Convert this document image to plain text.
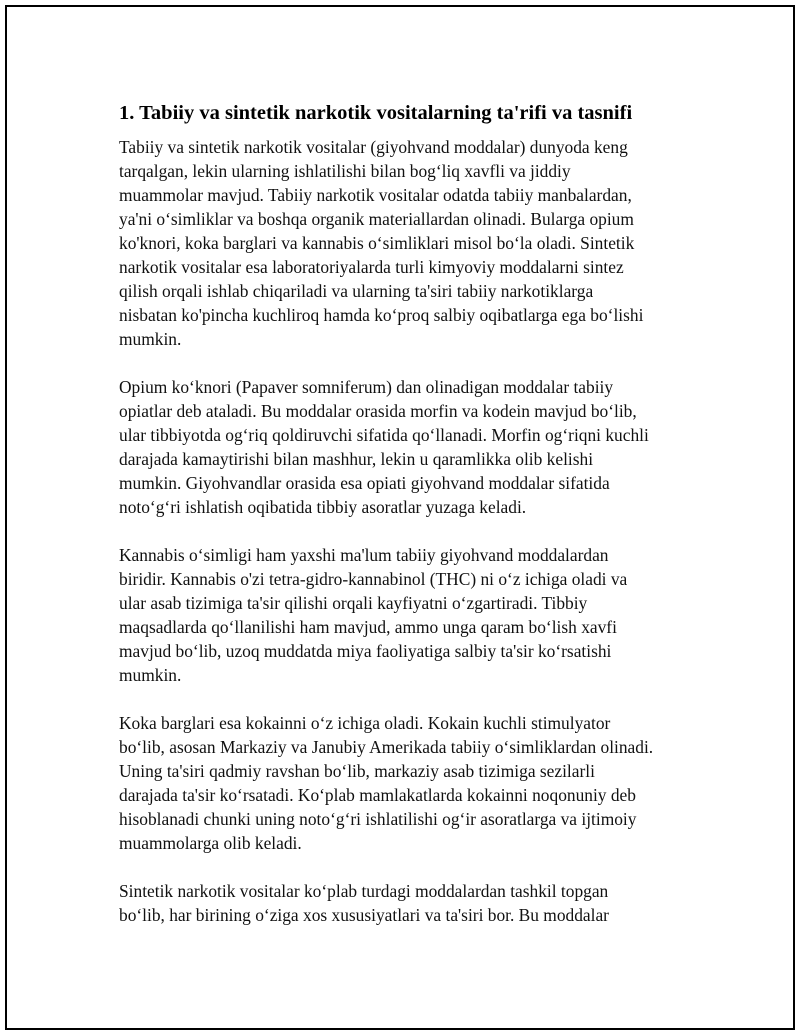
1. Tabiiy va sintetik narkotik vositalarning ta'rifi va tasnifi
Tabiiy va sintetik narkotik vositalar (giyohvand moddalar) dunyoda keng
tarqalgan, lekin ularning ishlatilishi bilan bog‘liq xavfli va jiddiy
muammolar mavjud. Tabiiy narkotik vositalar odatda tabiiy manbalardan,
ya'ni o‘simliklar va boshqa organik materiallardan olinadi. Bularga opium
ko'knori, koka barglari va kannabis o‘simliklari misol bo‘la oladi. Sintetik
narkotik vositalar esa laboratoriyalarda turli kimyoviy moddalarni sintez
qilish orqali ishlab chiqariladi va ularning ta'siri tabiiy narkotiklarga
nisbatan ko'pincha kuchliroq hamda ko‘proq salbiy oqibatlarga ega bo‘lishi
mumkin.
Opium ko‘knori (Papaver somniferum) dan olinadigan moddalar tabiiy
opiatlar deb ataladi. Bu moddalar orasida morfin va kodein mavjud bo‘lib,
ular tibbiyotda og‘riq qoldiruvchi sifatida qo‘llanadi. Morfin og‘riqni kuchli
darajada kamaytirishi bilan mashhur, lekin u qaramlikka olib kelishi
mumkin. Giyohvandlar orasida esa opiati giyohvand moddalar sifatida
noto‘g‘ri ishlatish oqibatida tibbiy asoratlar yuzaga keladi.
Kannabis o‘simligi ham yaxshi ma'lum tabiiy giyohvand moddalardan
biridir. Kannabis o'zi tetra-gidro-kannabinol (THC) ni o‘z ichiga oladi va
ular asab tizimiga ta'sir qilishi orqali kayfiyatni o‘zgartiradi. Tibbiy
maqsadlarda qo‘llanilishi ham mavjud, ammo unga qaram bo‘lish xavfi
mavjud bo‘lib, uzoq muddatda miya faoliyatiga salbiy ta'sir ko‘rsatishi
mumkin.
Koka barglari esa kokainni o‘z ichiga oladi. Kokain kuchli stimulyator
bo‘lib, asosan Markaziy va Janubiy Amerikada tabiiy o‘simliklardan olinadi.
Uning ta'siri qadmiy ravshan bo‘lib, markaziy asab tizimiga sezilarli
darajada ta'sir ko‘rsatadi. Ko‘plab mamlakatlarda kokainni noqonuniy deb
hisoblanadi chunki uning noto‘g‘ri ishlatilishi og‘ir asoratlarga va ijtimoiy
muammolarga olib keladi.
Sintetik narkotik vositalar ko‘plab turdagi moddalardan tashkil topgan
bo‘lib, har birining o‘ziga xos xususiyatlari va ta'siri bor. Bu moddalar
